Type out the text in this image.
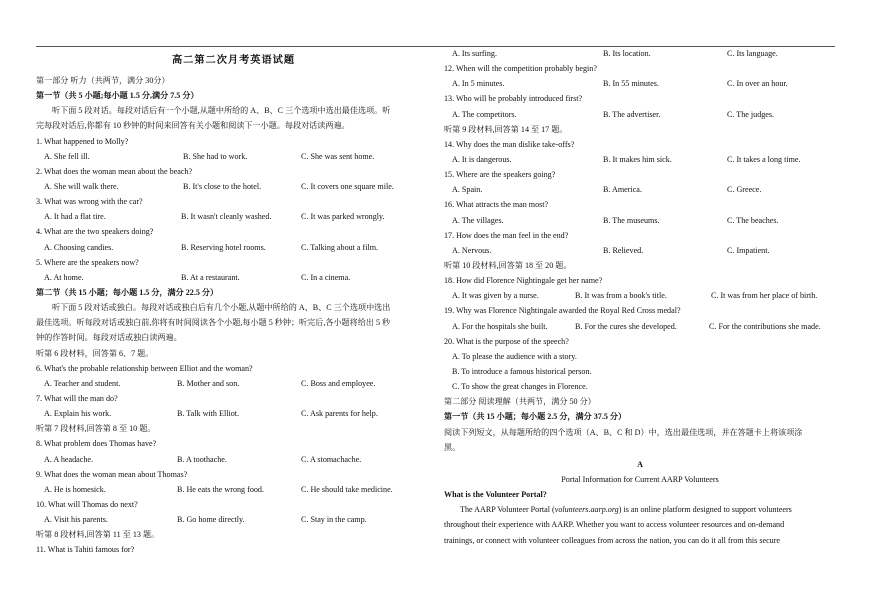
高二第二次月考英语试题
第一部分 听力（共两节，满分 30分）
第一节（共 5 小题;每小题 1.5 分,满分 7.5 分）
听下面 5 段对话。每段对话后有一个小题,从题中所给的 A、B、C 三个选项中选出最佳选项。听
完每段对话后,你都有 10 秒钟的时间来回答有关小题和阅读下一小题。每段对话读两遍。
1. What happened to Molly?
A. She fell ill.	B. She had to work.	C. She was sent home.
2. What does the woman mean about the beach?
A. She will walk there.	B. It's close to the hotel.	C. It covers one square mile.
3. What was wrong with the car?
A. It had a flat tire.	B. It wasn't cleanly washed.	C. It was parked wrongly.
4. What are the two speakers doing?
A. Choosing candies.	B. Reserving hotel rooms.	C. Talking about a film.
5. Where are the speakers now?
A. At home.	B. At a restaurant.	C. In a cinema.
第二节（共 15 小题；每小题 1.5 分，满分 22.5 分）
听下面 5 段对话或独白。每段对话或独白后有几个小题,从题中所给的 A、B、C 三个选项中选出
最佳选项。听每段对话或独白前,你将有时间阅读各个小题,每小题 5 秒钟；听完后,各小题将给出 5 秒
钟的作答时间。每段对话或独白读两遍。
听第 6 段材料，回答第 6、7 题。
6. What's the probable relationship between Elliot and the woman?
A. Teacher and student.	B. Mother and son.	C. Boss and employee.
7. What will the man do?
A. Explain his work.	B. Talk with Elliot.	C. Ask parents for help.
听第 7 段材料,回答第 8 至 10 题。
8. What problem does Thomas have?
A. A headache.	B. A toothache.	C. A stomachache.
9. What does the woman mean about Thomas?
A. He is homesick.	B. He eats the wrong food.	C. He should take medicine.
10. What will Thomas do next?
A. Visit his parents.	B. Go home directly.	C. Stay in the camp.
听第 8 段材料,回答第 11 至 13 题。
11. What is Tahiti famous for?
A. Its surfing.	B. Its location.	C. Its language.
12. When will the competition probably begin?
A. In 5 minutes.	B. In 55 minutes.	C. In over an hour.
13. Who will be probably introduced first?
A. The competitors.	B. The advertiser.	C. The judges.
听第 9 段材料,回答第 14 至 17 题。
14. Why does the man dislike take-offs?
A. It is dangerous.	B. It makes him sick.	C. It takes a long time.
15. Where are the speakers going?
A. Spain.	B. America.	C. Greece.
16. What attracts the man most?
A. The villages.	B. The museums.	C. The beaches.
17. How does the man feel in the end?
A. Nervous.	B. Relieved.	C. Impatient.
听第 10 段材料,回答第 18 至 20 题。
18. How did Florence Nightingale get her name?
A. It was given by a nurse.	B. It was from a book's title.	C. It was from her place of birth.
19. Why was Florence Nightingale awarded the Royal Red Cross medal?
A. For the hospitals she built.	B. For the cures she developed.	C. For the contributions she made.
20. What is the purpose of the speech?
A. To please the audience with a story.
B. To introduce a famous historical person.
C. To show the great changes in Florence.
第二部分 阅读理解（共两节，满分 50 分）
第一节（共 15 小题；每小题 2.5 分，满分 37.5 分）
阅读下列短文，从每题所给的四个选项（A、B、C 和 D）中，选出最佳选项，并在答题卡上将该项涂
黑。
A
Portal Information for Current AARP Volunteers
What is the Volunteer Portal?
The AARP Volunteer Portal (volunteers.aarp.org) is an online platform designed to support volunteers
throughout their experience with AARP. Whether you want to access volunteer resources and on-demand
trainings, or connect with volunteer colleagues from across the nation, you can do it all from this secure
